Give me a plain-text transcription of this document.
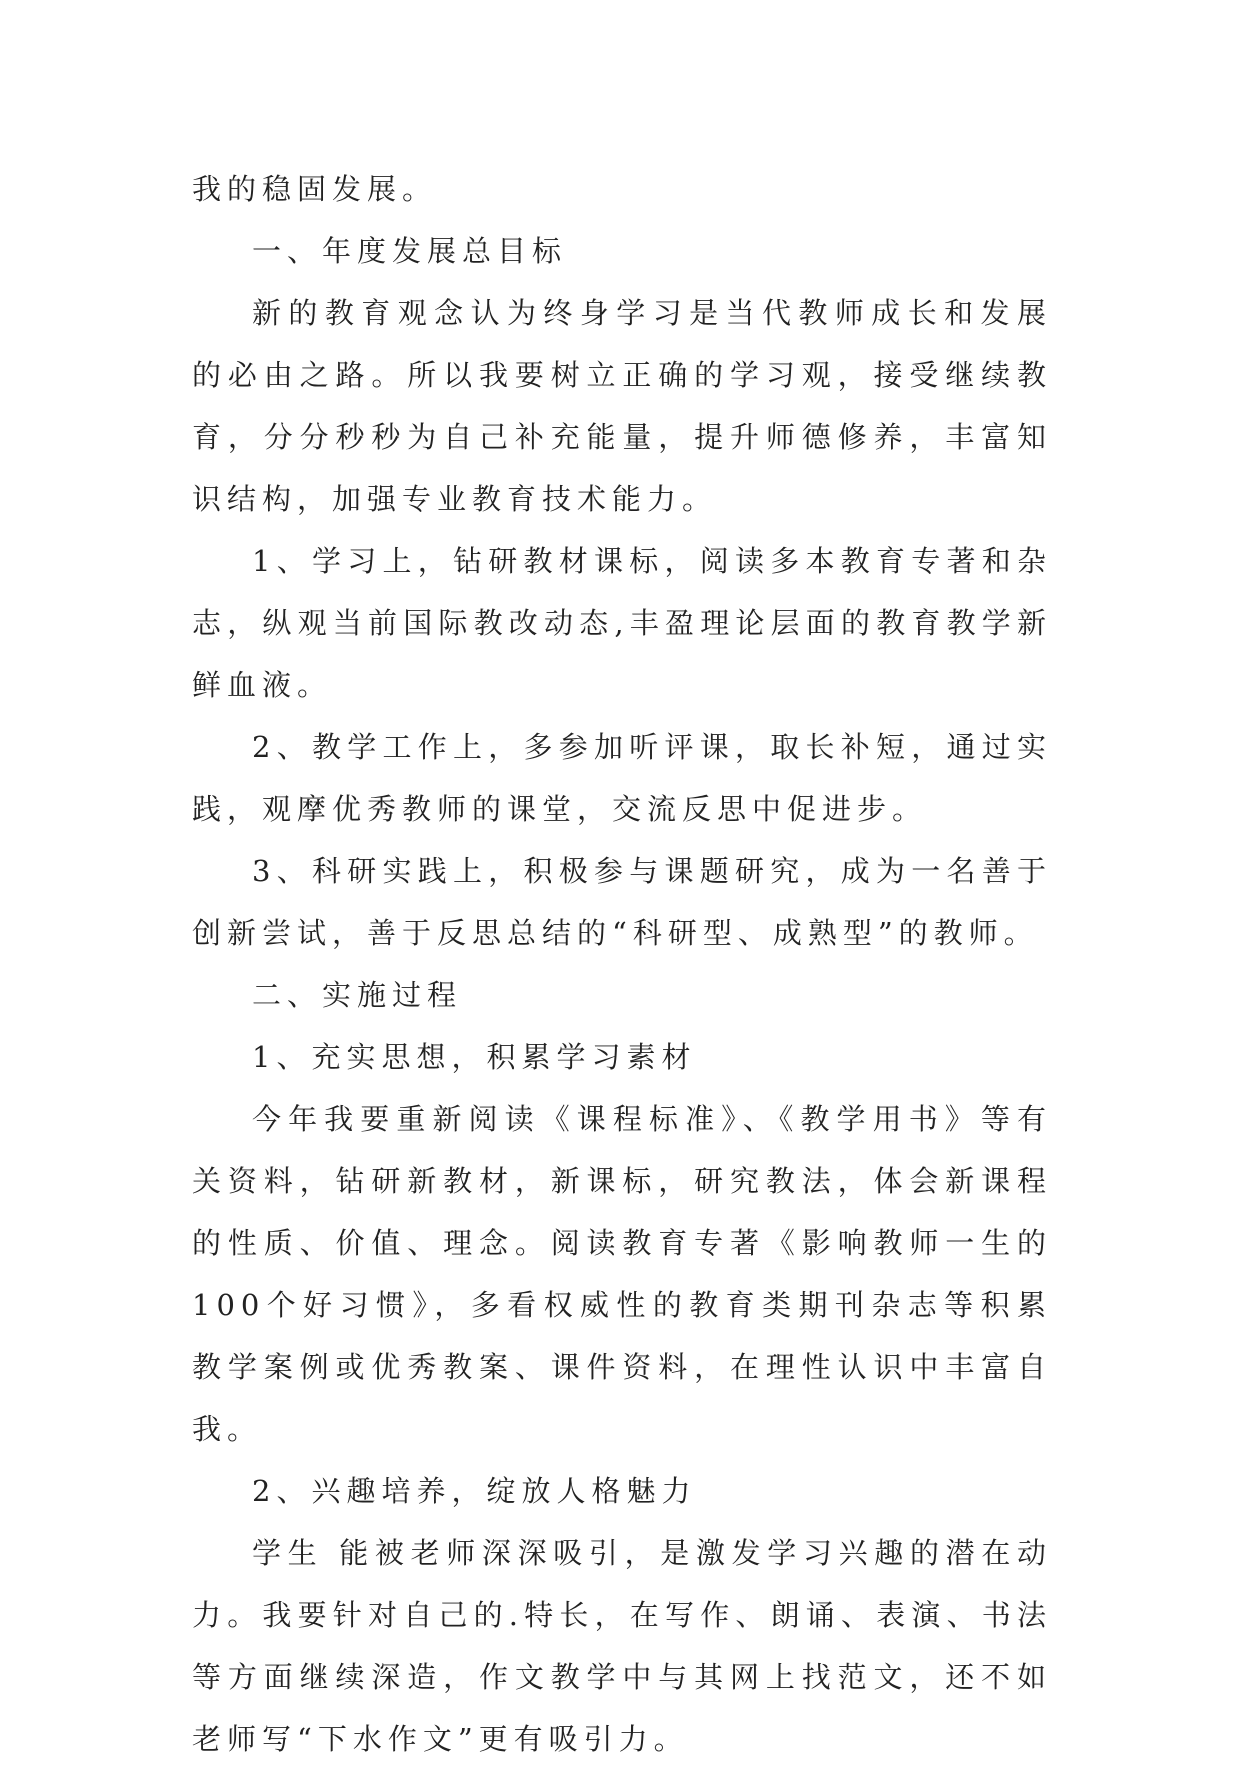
我的稳固发展。

一、年度发展总目标

新的教育观念认为终身学习是当代教师成长和发展的必由之路。所以我要树立正确的学习观，接受继续教育，分分秒秒为自己补充能量，提升师德修养，丰富知识结构，加强专业教育技术能力。

1、学习上，钻研教材课标，阅读多本教育专著和杂志，纵观当前国际教改动态,丰盈理论层面的教育教学新鲜血液。

2、教学工作上，多参加听评课，取长补短，通过实践，观摩优秀教师的课堂，交流反思中促进步。

3、科研实践上，积极参与课题研究，成为一名善于创新尝试，善于反思总结的“科研型、成熟型”的教师。

二、实施过程

1、充实思想，积累学习素材

今年我要重新阅读《课程标准》、《教学用书》等有关资料，钻研新教材，新课标，研究教法，体会新课程的性质、价值、理念。阅读教育专著《影响教师一生的100个好习惯》，多看权威性的教育类期刊杂志等积累教学案例或优秀教案、课件资料，在理性认识中丰富自我。

2、兴趣培养，绽放人格魅力

学生 能被老师深深吸引，是激发学习兴趣的潜在动力。我要针对自己的.特长，在写作、朗诵、表演、书法等方面继续深造，作文教学中与其网上找范文，还不如老师写“下水作文”更有吸引力。
